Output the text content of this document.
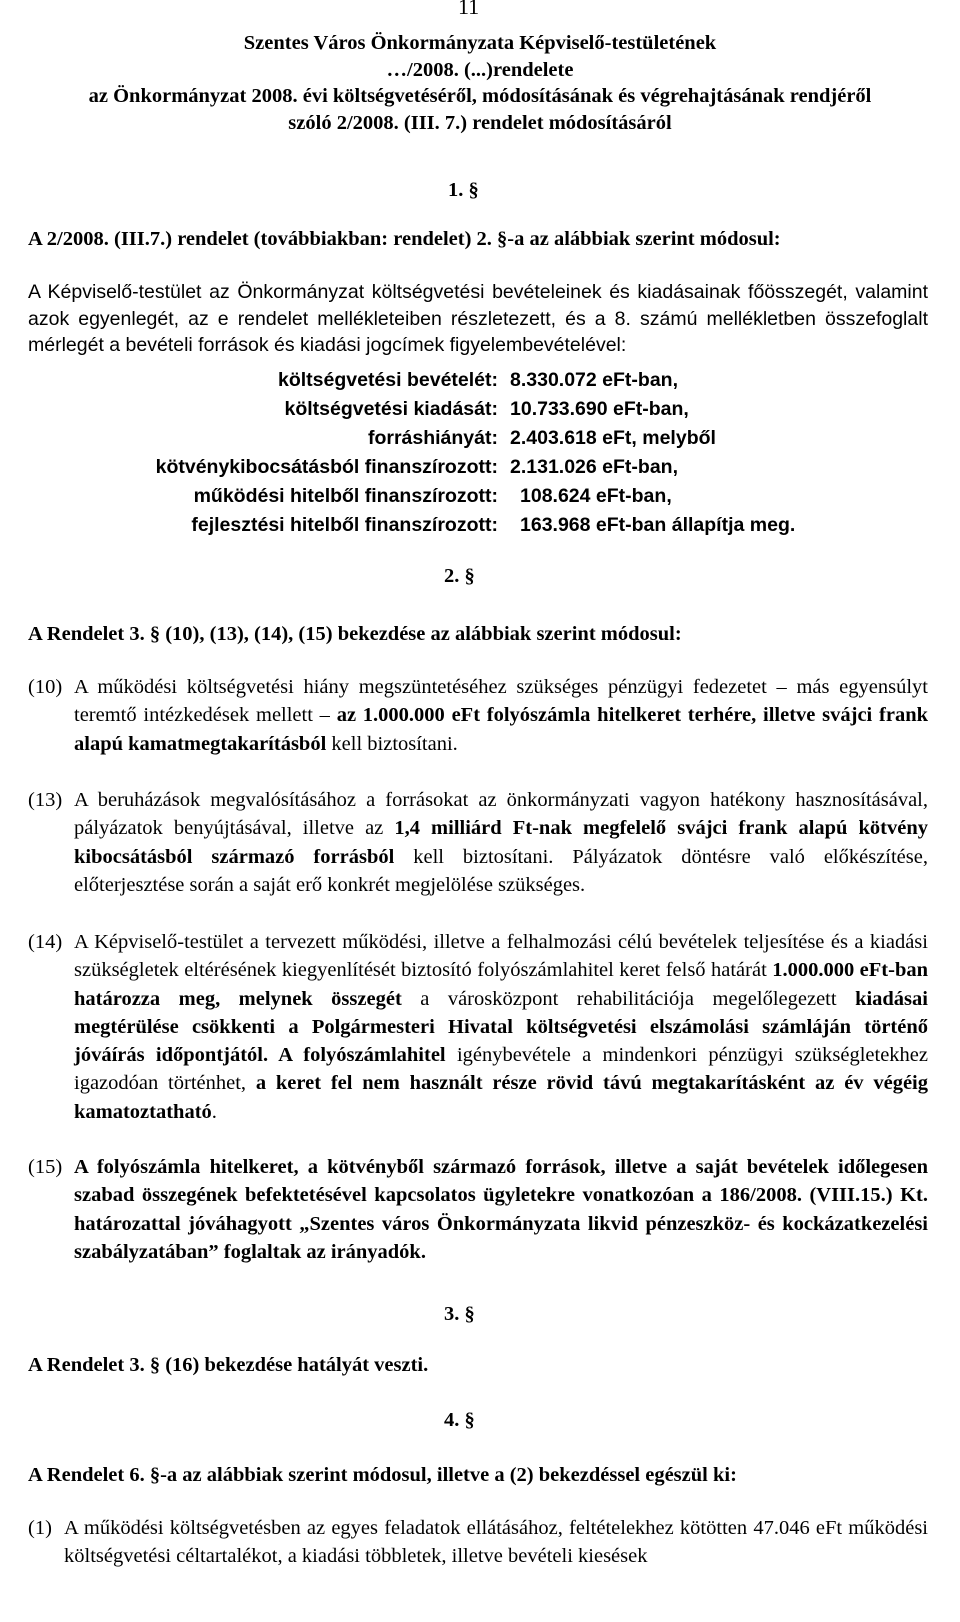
11
Szentes Város Önkormányzata Képviselő-testületének
…/2008. (...)rendelete
az Önkormányzat 2008. évi költségvetéséről, módosításának és végrehajtásának rendjéről
szóló 2/2008. (III. 7.) rendelet módosításáról
1. §
A 2/2008. (III.7.) rendelet (továbbiakban: rendelet) 2. §-a az alábbiak szerint módosul:
A Képviselő-testület az Önkormányzat költségvetési bevételeinek és kiadásainak főösszegét, valamint azok egyenlegét, az e rendelet mellékleteiben részletezett, és a 8. számú mellékletben összefoglalt mérlegét a bevételi források és kiadási jogcímek figyelembevételével:
költségvetési bevételét: 8.330.072 eFt-ban,
költségvetési kiadását: 10.733.690 eFt-ban,
forráshiányát: 2.403.618 eFt, melyből
kötvénykibocsátásból finanszírozott: 2.131.026 eFt-ban,
működési hitelből finanszírozott: 108.624 eFt-ban,
fejlesztési hitelből finanszírozott: 163.968 eFt-ban állapítja meg.
2. §
A Rendelet 3. § (10), (13), (14), (15) bekezdése az alábbiak szerint módosul:
(10) A működési költségvetési hiány megszüntetéséhez szükséges pénzügyi fedezetet – más egyensúlyt teremtő intézkedések mellett – az 1.000.000 eFt folyószámla hitelkeret terhére, illetve svájci frank alapú kamatmegtakarításból kell biztosítani.
(13) A beruházások megvalósításához a forrásokat az önkormányzati vagyon hatékony hasznosításával, pályázatok benyújtásával, illetve az 1,4 milliárd Ft-nak megfelelő svájci frank alapú kötvény kibocsátásból származó forrásból kell biztosítani. Pályázatok döntésre való előkészítése, előterjesztése során a saját erő konkrét megjelölése szükséges.
(14) A Képviselő-testület a tervezett működési, illetve a felhalmozási célú bevételek teljesítése és a kiadási szükségletek eltérésének kiegyenlítését biztosító folyószámlahitel keret felső határát 1.000.000 eFt-ban határozza meg, melynek összegét a városközpont rehabilitációja megelőlegezett kiadásai megtérülése csökkenti a Polgármesteri Hivatal költségvetési elszámolási számláján történő jóváírás időpontjától. A folyószámlahitel igénybevétele a mindenkori pénzügyi szükségletekhez igazodóan történhet, a keret fel nem használt része rövid távú megtakarításként az év végéig kamatoztatható.
(15) A folyószámla hitelkeret, a kötvényből származó források, illetve a saját bevételek időlegesen szabad összegének befektetésével kapcsolatos ügyletekre vonatkozóan a 186/2008. (VIII.15.) Kt. határozattal jóváhagyott „Szentes város Önkormányzata likvid pénzeszköz- és kockázatkezelési szabályzatában” foglaltak az irányadók.
3. §
A Rendelet 3. § (16) bekezdése hatályát veszti.
4. §
A Rendelet 6. §-a az alábbiak szerint módosul, illetve a (2) bekezdéssel egészül ki:
(1) A működési költségvetésben az egyes feladatok ellátásához, feltételekhez kötötten 47.046 eFt működési költségvetési céltartalékot, a kiadási többletek, illetve bevételi kiesések
